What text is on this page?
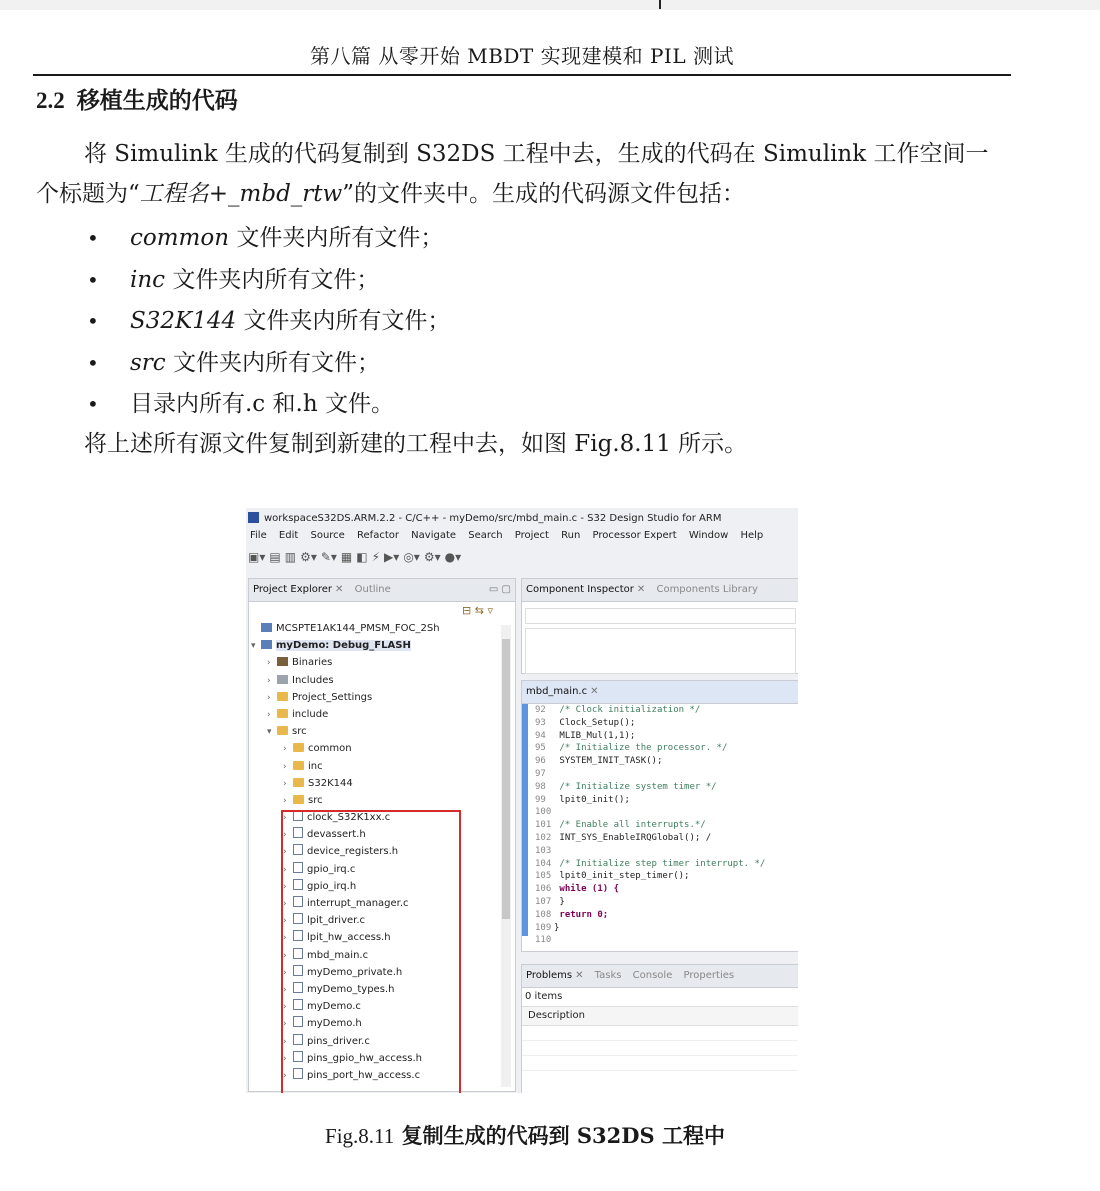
第八篇 从零开始 MBDT 实现建模和 PIL 测试
2.2 移植生成的代码
将 Simulink 生成的代码复制到 S32DS 工程中去，生成的代码在 Simulink 工作空间一
个标题为“工程名+_mbd_rtw”的文件夹中。生成的代码源文件包括：
• common 文件夹内所有文件；
• inc 文件夹内所有文件；
• S32K144 文件夹内所有文件；
• src 文件夹内所有文件；
• 目录内所有.c 和.h 文件。
将上述所有源文件复制到新建的工程中去，如图 Fig.8.11 所示。
workspaceS32DS.ARM.2.2 - C/C++ - myDemo/src/mbd_main.c - S32 Design Studio for ARM
File Edit Source Refactor Navigate Search Project Run Processor Expert Window Help
▣▾ ▤ ▥ ⚙▾ ✎▾ ▦ ◧ ⚡ ▶▾ ◎▾ ⚙▾ ●▾
Project Explorer ✕ Outline	▭ ▢
⊟ ⇆ ▿
MCSPTE1AK144_PMSM_FOC_2Sh
▾ myDemo: Debug_FLASH
› Binaries
› Includes
› Project_Settings
› include
▾ src
› common
› inc
› S32K144
› src
› clock_S32K1xx.c
› devassert.h
› device_registers.h
› gpio_irq.c
› gpio_irq.h
› interrupt_manager.c
› lpit_driver.c
› lpit_hw_access.h
› mbd_main.c
› myDemo_private.h
› myDemo_types.h
› myDemo.c
› myDemo.h
› pins_driver.c
› pins_gpio_hw_access.h
› pins_port_hw_access.c
Component Inspector ✕ Components Library
mbd_main.c ✕
92 /* Clock initialization */
93 Clock_Setup();
94 MLIB_Mul(1,1);
95 /* Initialize the processor. */
96 SYSTEM_INIT_TASK();
97
98 /* Initialize system timer */
99 lpit0_init();
100
101 /* Enable all interrupts.*/
102 INT_SYS_EnableIRQGlobal(); /
103
104 /* Initialize step timer interrupt. */
105 lpit0_init_step_timer();
106 while (1) {
107 }
108 return 0;
109 }
110
Problems ✕ Tasks Console Properties
0 items
Description
Fig.8.11 复制生成的代码到 S32DS 工程中
